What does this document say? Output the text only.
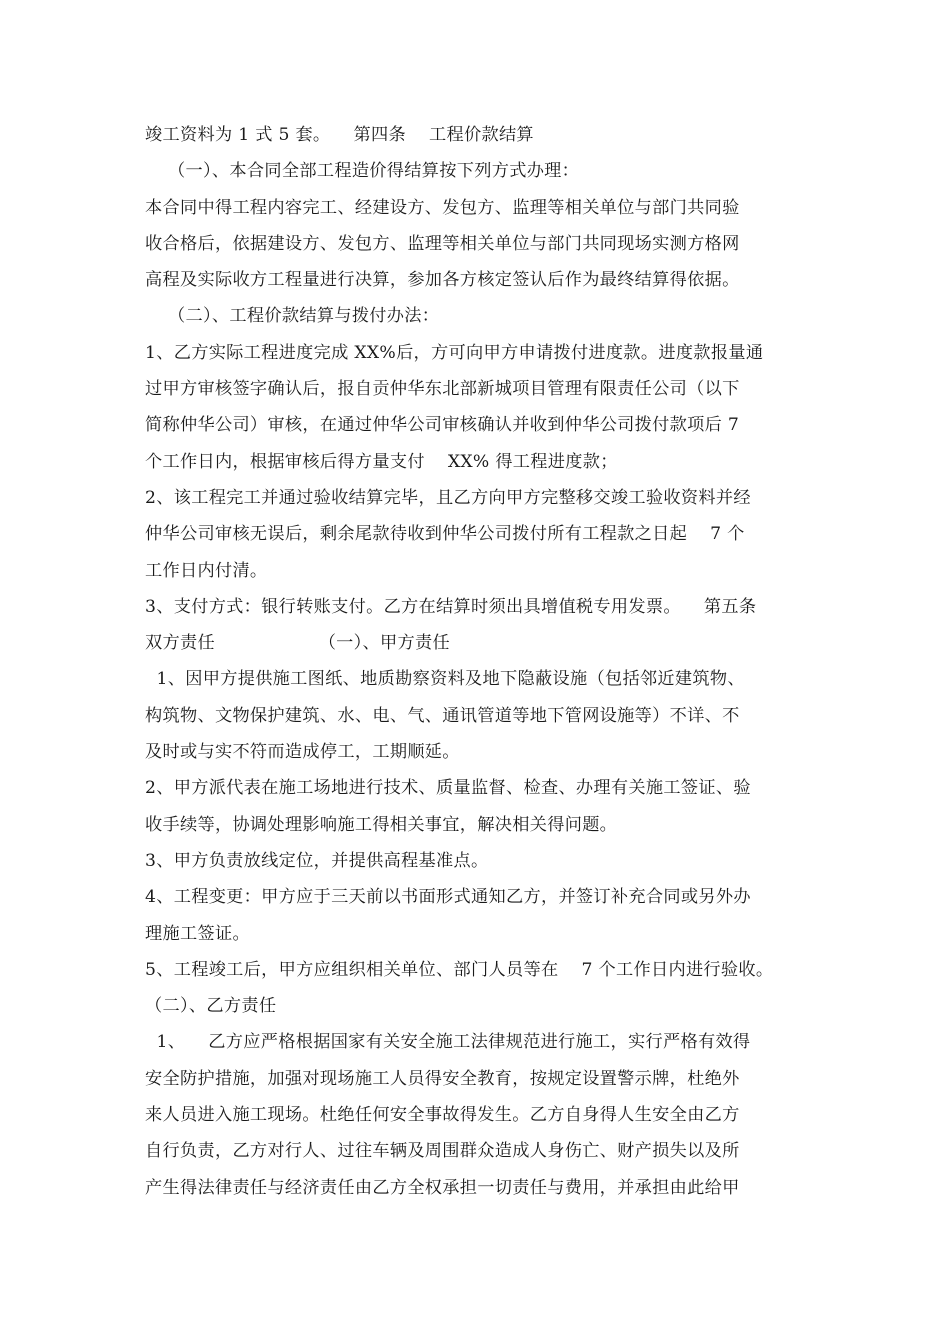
竣工资料为 1 式 5 套。    第四条    工程价款结算
（一）、本合同全部工程造价得结算按下列方式办理：
本合同中得工程内容完工、经建设方、发包方、监理等相关单位与部门共同验
收合格后，依据建设方、发包方、监理等相关单位与部门共同现场实测方格网
高程及实际收方工程量进行决算，参加各方核定签认后作为最终结算得依据。
（二）、工程价款结算与拨付办法：
1、乙方实际工程进度完成 XX%后，方可向甲方申请拨付进度款。进度款报量通
过甲方审核签字确认后，报自贡仲华东北部新城项目管理有限责任公司（以下
简称仲华公司）审核，在通过仲华公司审核确认并收到仲华公司拨付款项后 7
个工作日内，根据审核后得方量支付    XX% 得工程进度款；
2、该工程完工并通过验收结算完毕，且乙方向甲方完整移交竣工验收资料并经
仲华公司审核无误后，剩余尾款待收到仲华公司拨付所有工程款之日起    7 个
工作日内付清。
3、支付方式：银行转账支付。乙方在结算时须出具增值税专用发票。    第五条
双方责任                  （一）、甲方责任
1、因甲方提供施工图纸、地质勘察资料及地下隐蔽设施（包括邻近建筑物、
构筑物、文物保护建筑、水、电、气、通讯管道等地下管网设施等）不详、不
及时或与实不符而造成停工，工期顺延。
2、甲方派代表在施工场地进行技术、质量监督、检查、办理有关施工签证、验
收手续等，协调处理影响施工得相关事宜，解决相关得问题。
3、甲方负责放线定位，并提供高程基准点。
4、工程变更：甲方应于三天前以书面形式通知乙方，并签订补充合同或另外办
理施工签证。
5、工程竣工后，甲方应组织相关单位、部门人员等在    7 个工作日内进行验收。
（二）、乙方责任
1、    乙方应严格根据国家有关安全施工法律规范进行施工，实行严格有效得
安全防护措施，加强对现场施工人员得安全教育，按规定设置警示牌，杜绝外
来人员进入施工现场。杜绝任何安全事故得发生。乙方自身得人生安全由乙方
自行负责，乙方对行人、过往车辆及周围群众造成人身伤亡、财产损失以及所
产生得法律责任与经济责任由乙方全权承担一切责任与费用，并承担由此给甲
